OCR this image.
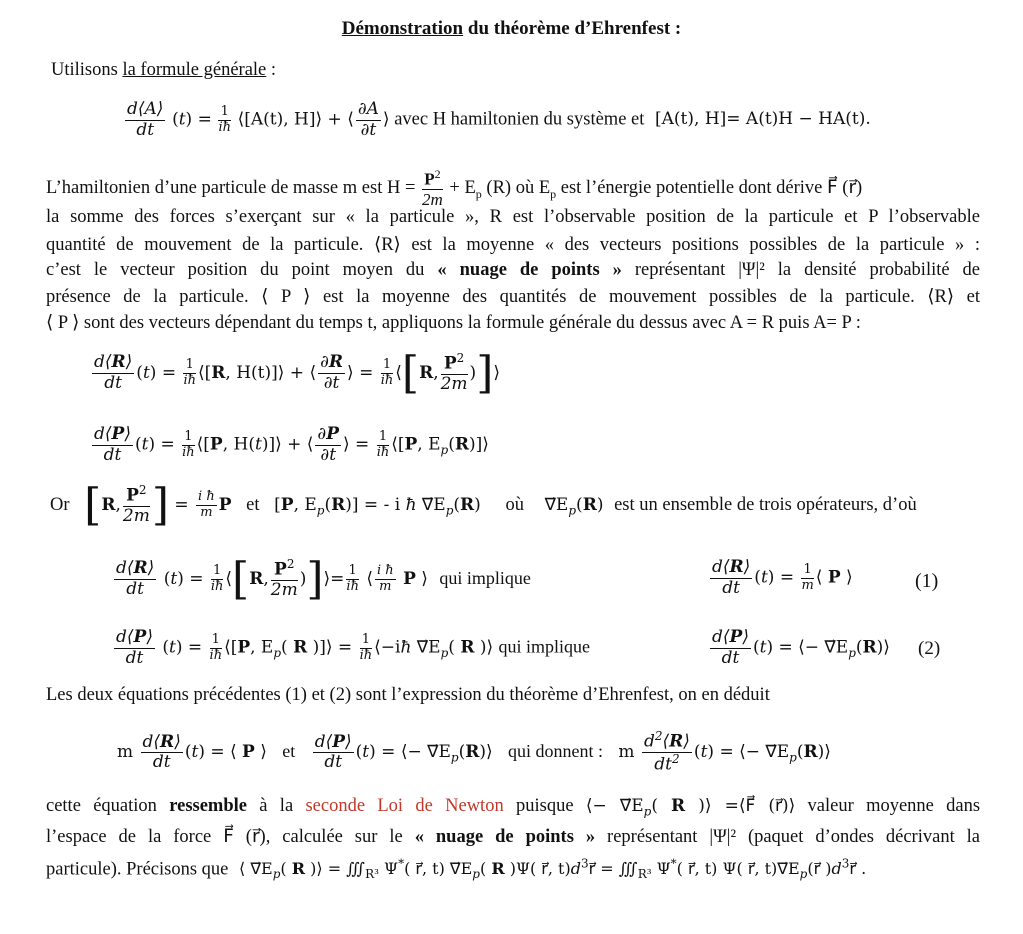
Démonstration du théorème d’Ehrenfest :
Utilisons la formule générale :
$\frac{d⟨A⟩}{dt} (t) = \frac{1}{iħ}$ ⟨[A(t), H]⟩ + ⟨ $\frac{\partial A}{\partial t}$ ⟩ avec H hamiltonien du système et [A(t), H]= A(t)H − HA(t).
L’hamiltonien d’une particule de masse m est $H = \frac{P^2}{2m} + E_p$ (R) où $E_p$ est l’énergie potentielle dont dérive F⃗ (r⃗)
la somme des forces s’exerçant sur « la particule », R est l’observable position de la particule et P l’observable
quantité de mouvement de la particule. ⟨R⟩ est la moyenne « des vecteurs positions possibles de la particule » :
c’est le vecteur position du point moyen du « nuage de points » représentant |Ψ|² la densité probabilité de
présence de la particule. ⟨ P ⟩ est la moyenne des quantités de mouvement possibles de la particule. ⟨R⟩ et
⟨ P ⟩ sont des vecteurs dépendant du temps t, appliquons la formule générale du dessus avec A = R puis A= P :
$\frac{d⟨R⟩}{dt} (t) = \frac{1}{iħ}$ ⟨[R, H(t)]⟩ + ⟨ $\frac{\partial R}{\partial t}$ ⟩ = $\frac{1}{iħ}$ ⟨[R, $\frac{P^2}{2m}$ )]⟩
$\frac{d⟨P⟩}{dt} (t) = \frac{1}{iħ}$ ⟨[P, H(t)]⟩ + ⟨ $\frac{\partial P}{\partial t}$ ⟩ = $\frac{1}{iħ}$ ⟨[P, $E_p(R)]⟩$
Or [R, $\frac{P^2}{2m}$ ] = $\frac{\text{i ħ}}{m}$ P et [P, $E_p(R)$] = - i ħ $\nabla⃗E_p(R)$ où $\nabla⃗E_p(R)$ est un ensemble de trois opérateurs, d’où
$\frac{d⟨R⟩}{dt} (t) = \frac{1}{iħ}$ ⟨[R, $\frac{P^2}{2m}$ )]⟩= $\frac{1}{iħ}$ ⟨ $\frac{\text{i ħ}}{m}$ P ⟩ qui implique	$\frac{d⟨R⟩}{dt} (t) = \frac{1}{m}$ ⟨ P ⟩	(1)
$\frac{d⟨P⟩}{dt} (t) = \frac{1}{iħ}$ ⟨[P, $E_p$( R )]⟩ = $\frac{1}{iħ}$ ⟨−iħ $\nabla⃗E_p$( R )⟩ qui implique	$\frac{d⟨P⟩}{dt} (t)$ = ⟨− $\nabla⃗E_p(R)⟩$ (2)
Les deux équations précédentes (1) et (2) sont l’expression du théorème d’Ehrenfest, on en déduit
m $\frac{d⟨R⟩}{dt} (t)$ = ⟨ P ⟩ et $\frac{d⟨P⟩}{dt} (t)$ = ⟨− $\nabla⃗E_p(R)⟩$ qui donnent : m $\frac{d^2⟨R⟩}{dt^2} (t)$ = ⟨− $\nabla⃗E_p(R)⟩$
cette équation ressemble à la seconde Loi de Newton puisque ⟨− $\nabla⃗E_p$( R )⟩ =⟨F⃗ (r⃗)⟩ valeur moyenne dans
l’espace de la force F⃗ (r⃗), calculée sur le « nuage de points » représentant |Ψ|² (paquet d’ondes décrivant la
particule). Précisons que ⟨ $\nabla⃗E_p$( R )⟩ = $∭_{R^3}$ Ψ*( r⃗, t) $\nabla⃗E_p$( R )Ψ( r⃗, $t)d^3r⃗$ = $∭_{R^3}$ Ψ*( r⃗, t) Ψ( r⃗, $t)\nabla⃗E_p(r⃗$ )$d^3r⃗$ .
